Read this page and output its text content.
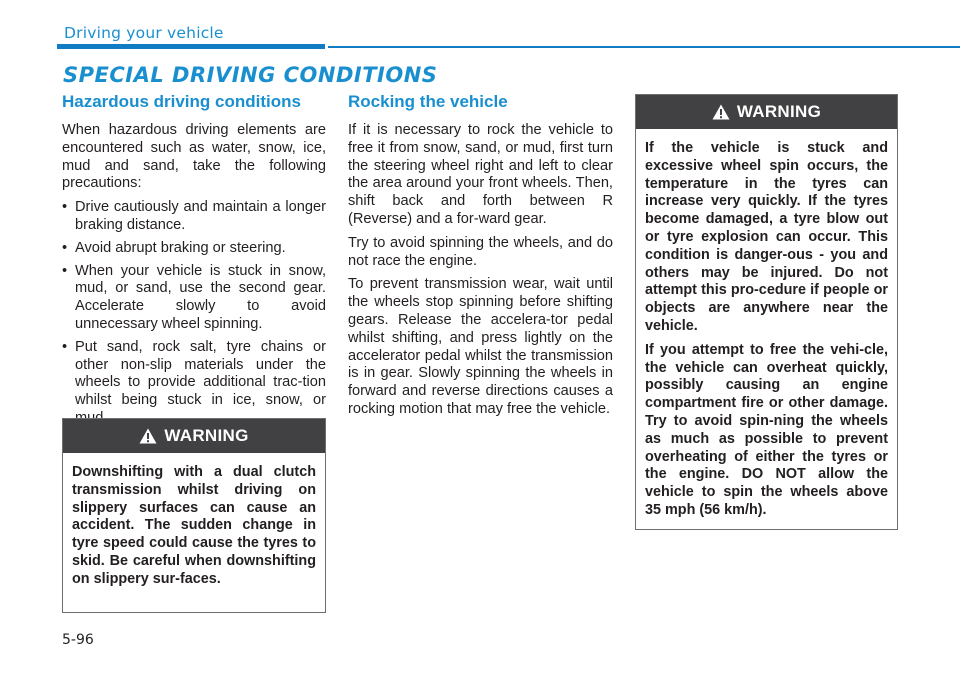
Driving your vehicle
SPECIAL DRIVING CONDITIONS
Hazardous driving conditions

When hazardous driving elements are encountered such as water, snow, ice, mud and sand, take the following precautions:

• Drive cautiously and maintain a longer braking distance.
• Avoid abrupt braking or steering.
• When your vehicle is stuck in snow, mud, or sand, use the second gear. Accelerate slowly to avoid unnecessary wheel spinning.
• Put sand, rock salt, tyre chains or other non-slip materials under the wheels to provide additional trac-tion whilst being stuck in ice, snow, or
WARNING

Downshifting with a dual clutch transmission whilst driving on slippery surfaces can cause an accident. The sudden change in tyre speed could cause the tyres to skid. Be careful when downshifting on slippery sur-faces.

Rocking the vehicle

If it is necessary to rock the vehicle to free it from snow, sand, or mud, first turn the steering wheel right and left to clear the area around your front wheels. Then, shift back and forth between R (Reverse) and a for-ward gear.

Try to avoid spinning the wheels, and do not race the engine.

To prevent transmission wear, wait until the wheels stop spinning before shifting gears. Release the accelera-tor pedal whilst shifting, and press lightly on the accelerator pedal whilst the transmission is in gear. Slowly spinning the wheels in forward and reverse directions causes a rocking motion that may free the vehicle.

WARNING

If the vehicle is stuck and excessive wheel spin occurs, the temperature in the tyres can increase very quickly. If the tyres become damaged, a tyre blow out or tyre explosion can occur. This condition is danger-ous - you and others may be injured. Do not attempt this pro-cedure if people or objects are anywhere near the vehicle.

If you attempt to free the vehi-cle, the vehicle can overheat quickly, possibly causing an engine compartment fire or other damage. Try to avoid spin-ning the wheels as much as possible to prevent overheating of either the tyres or the engine. DO NOT allow the vehicle to spin the wheels above 35 mph (56 km/h).

5-96
